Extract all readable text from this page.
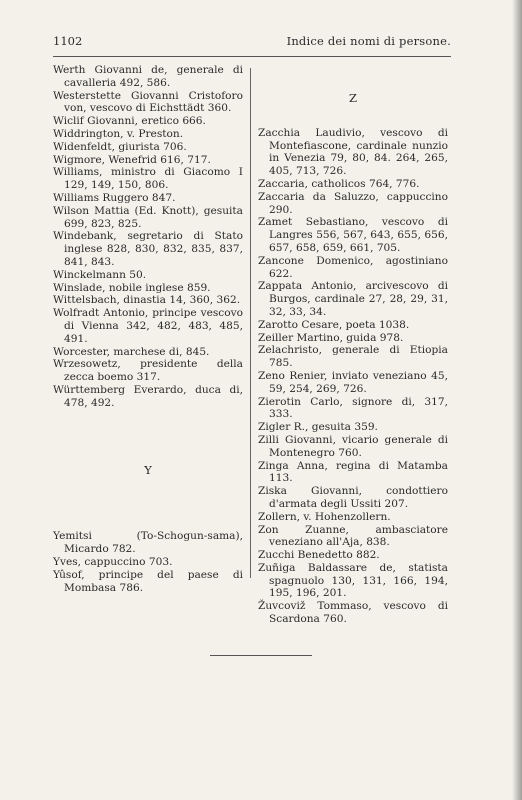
1102	Indice dei nomi di persone.

Werth Giovanni de, generale di cavalleria 492, 586.

Westerstette Giovanni Cristoforo von, vescovo di Eichsttädt 360.

Wiclif Giovanni, eretico 666.

Widdrington, v. Preston.

Widenfeldt, giurista 706.

Wigmore, Wenefrid 616, 717.

Williams, ministro di Giacomo I 129, 149, 150, 806.

Williams Ruggero 847.

Wilson Mattia (Ed. Knott), gesuita 699, 823, 825.

Windebank, segretario di Stato inglese 828, 830, 832, 835, 837, 841, 843.

Winckelmann 50.

Winslade, nobile inglese 859.

Wittelsbach, dinastia 14, 360, 362.

Wolfradt Antonio, principe vescovo di Vienna 342, 482, 483, 485, 491.

Worcester, marchese di, 845.

Wrzesowetz, presidente della zecca boemo 317.

Württemberg Everardo, duca di, 478, 492.

Y

Yemitsi (To-Schogun-sama), Micardo 782.

Yves, cappuccino 703.

Yûsof, principe del paese di Mombasa 786.

Z

Zacchia Laudivio, vescovo di Montefiascone, cardinale nunzio in Venezia 79, 80, 84. 264, 265, 405, 713, 726.

Zaccaria, catholicos 764, 776.

Zaccaria da Saluzzo, cappuccino 290.

Zamet Sebastiano, vescovo di Langres 556, 567, 643, 655, 656, 657, 658, 659, 661, 705.

Zancone Domenico, agostiniano 622.

Zappata Antonio, arcivescovo di Burgos, cardinale 27, 28, 29, 31, 32, 33, 34.

Zarotto Cesare, poeta 1038.

Zeiller Martino, guida 978.

Zelachristo, generale di Etiopia 785.

Zeno Renier, inviato veneziano 45, 59, 254, 269, 726.

Zierotin Carlo, signore di, 317, 333.

Zigler R., gesuita 359.

Zilli Giovanni, vicario generale di Montenegro 760.

Zinga Anna, regina di Matamba 113.

Ziska Giovanni, condottiero d'armata degli Ussiti 207.

Zollern, v. Hohenzollern.

Zon Zuanne, ambasciatore veneziano all'Aja, 838.

Zucchi Benedetto 882.

Zuñiga Baldassare de, statista spagnuolo 130, 131, 166, 194, 195, 196, 201.

Žuvcoviž Tommaso, vescovo di Scardona 760.
